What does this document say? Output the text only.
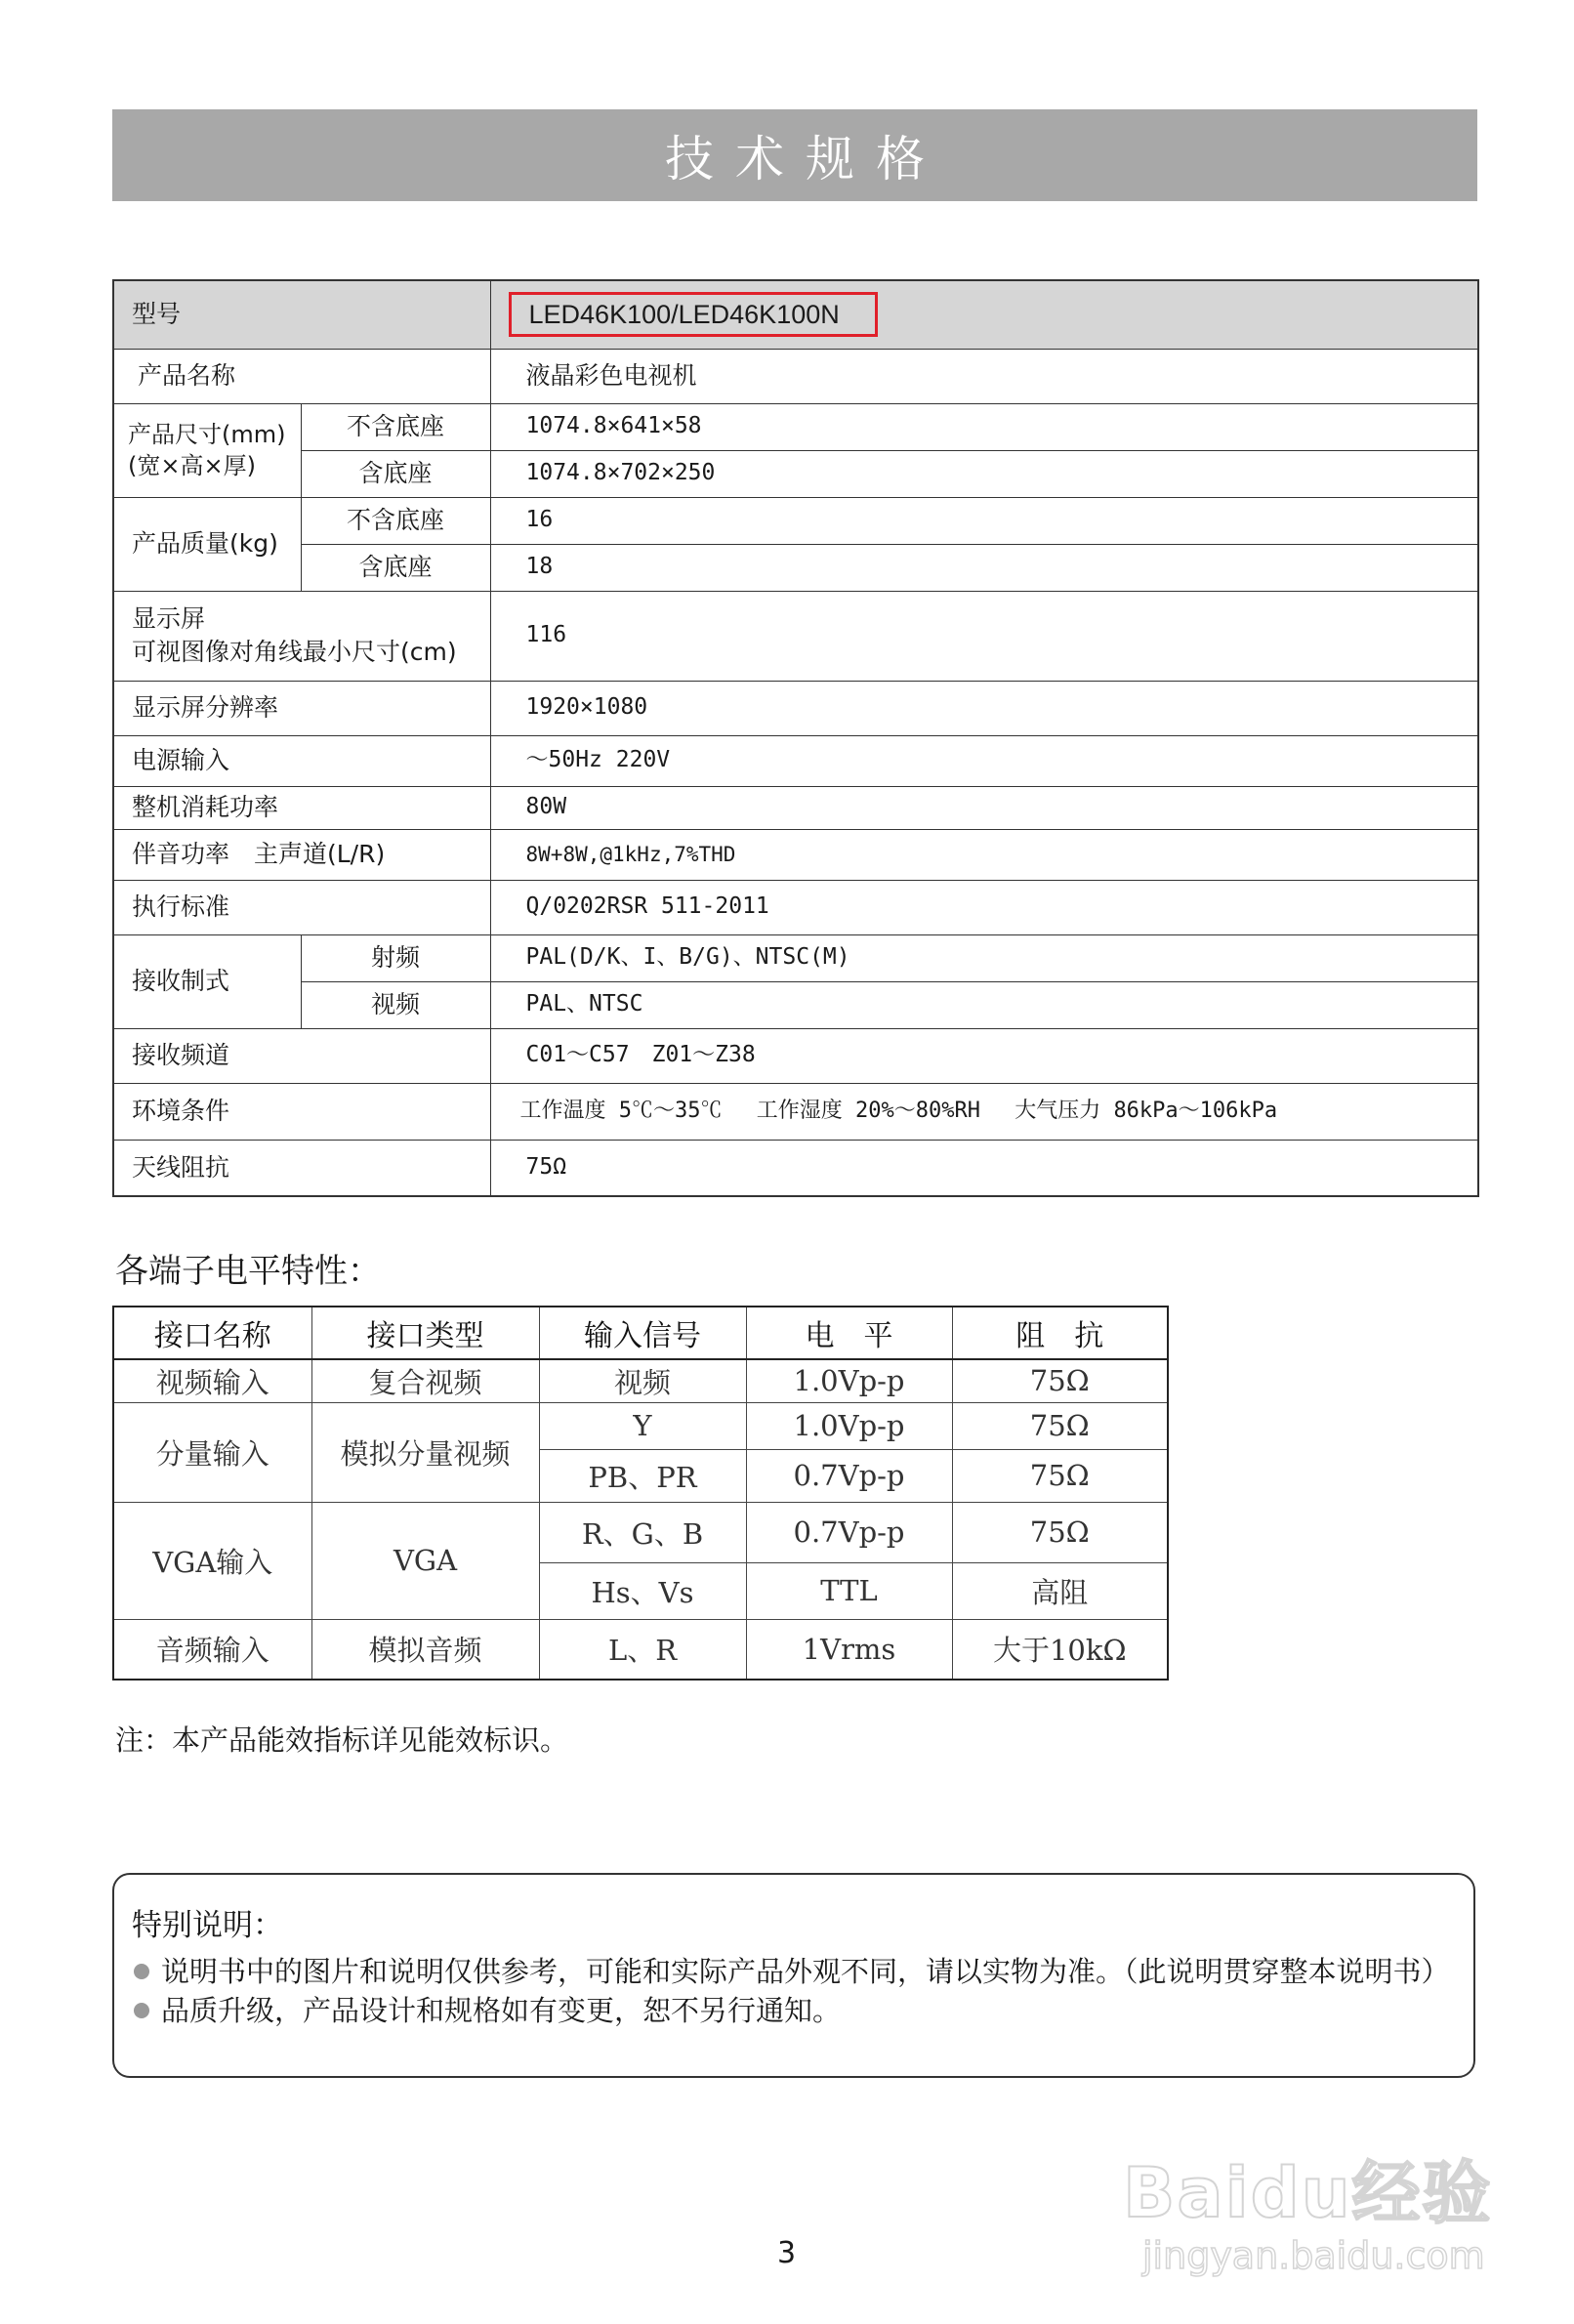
技术规格
型号		LED46K100/LED46K100N
产品名称		液晶彩色电视机

产品尺寸(mm)
(宽×高×厚)	不含底座	1074.8×641×58
	含底座	1074.8×702×250
产品质量(kg)	不含底座	16
	含底座	18

显示屏
可视图像对角线最小尺寸(cm)		116
显示屏分辨率		1920×1080
电源输入		～50Hz 220V
整机消耗功率		80W
伴音功率　主声道(L/R)		8W+8W,@1kHz,7%THD
执行标准		Q/0202RSR 511-2011
接收制式	射频	PAL(D/K、I、B/G)、NTSC(M)
	视频	PAL、NTSC
接收频道		C01～C57　Z01～Z38
环境条件		工作温度 5℃～35℃　 工作湿度 20%～80%RH　 大气压力 86kPa～106kPa
天线阻抗		75Ω
各端子电平特性：
接口名称	接口类型	输入信号	电　平	阻　抗
视频输入	复合视频	视频	1.0Vp-p	75Ω
分量输入	模拟分量视频	Y	1.0Vp-p	75Ω
		PB、PR	0.7Vp-p	75Ω
VGA输入	VGA	R、G、B	0.7Vp-p	75Ω
		Hs、Vs	TTL	高阻
音频输入	模拟音频	L、R	1Vrms	大于10kΩ
注：本产品能效指标详见能效标识。
特别说明：
说明书中的图片和说明仅供参考，可能和实际产品外观不同，请以实物为准。（此说明贯穿整本说明书）
品质升级，产品设计和规格如有变更，恕不另行通知。
3
Baidu经验
jingyan.baidu.com
